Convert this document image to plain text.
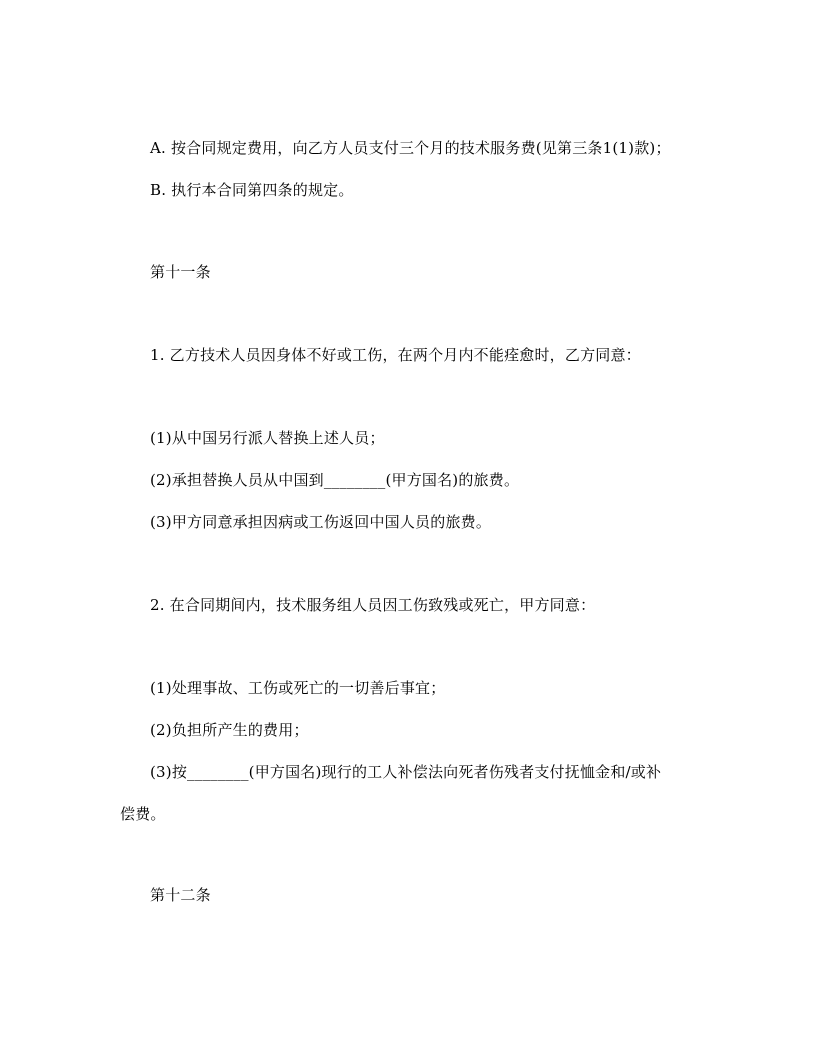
A. 按合同规定费用，向乙方人员支付三个月的技术服务费(见第三条1(1)款)；
B. 执行本合同第四条的规定。
第十一条
1. 乙方技术人员因身体不好或工伤，在两个月内不能痊愈时，乙方同意：
(1)从中国另行派人替换上述人员；
(2)承担替换人员从中国到________(甲方国名)的旅费。
(3)甲方同意承担因病或工伤返回中国人员的旅费。
2. 在合同期间内，技术服务组人员因工伤致残或死亡，甲方同意：
(1)处理事故、工伤或死亡的一切善后事宜；
(2)负担所产生的费用；
(3)按________(甲方国名)现行的工人补偿法向死者伤残者支付抚恤金和/或补
偿费。
第十二条
